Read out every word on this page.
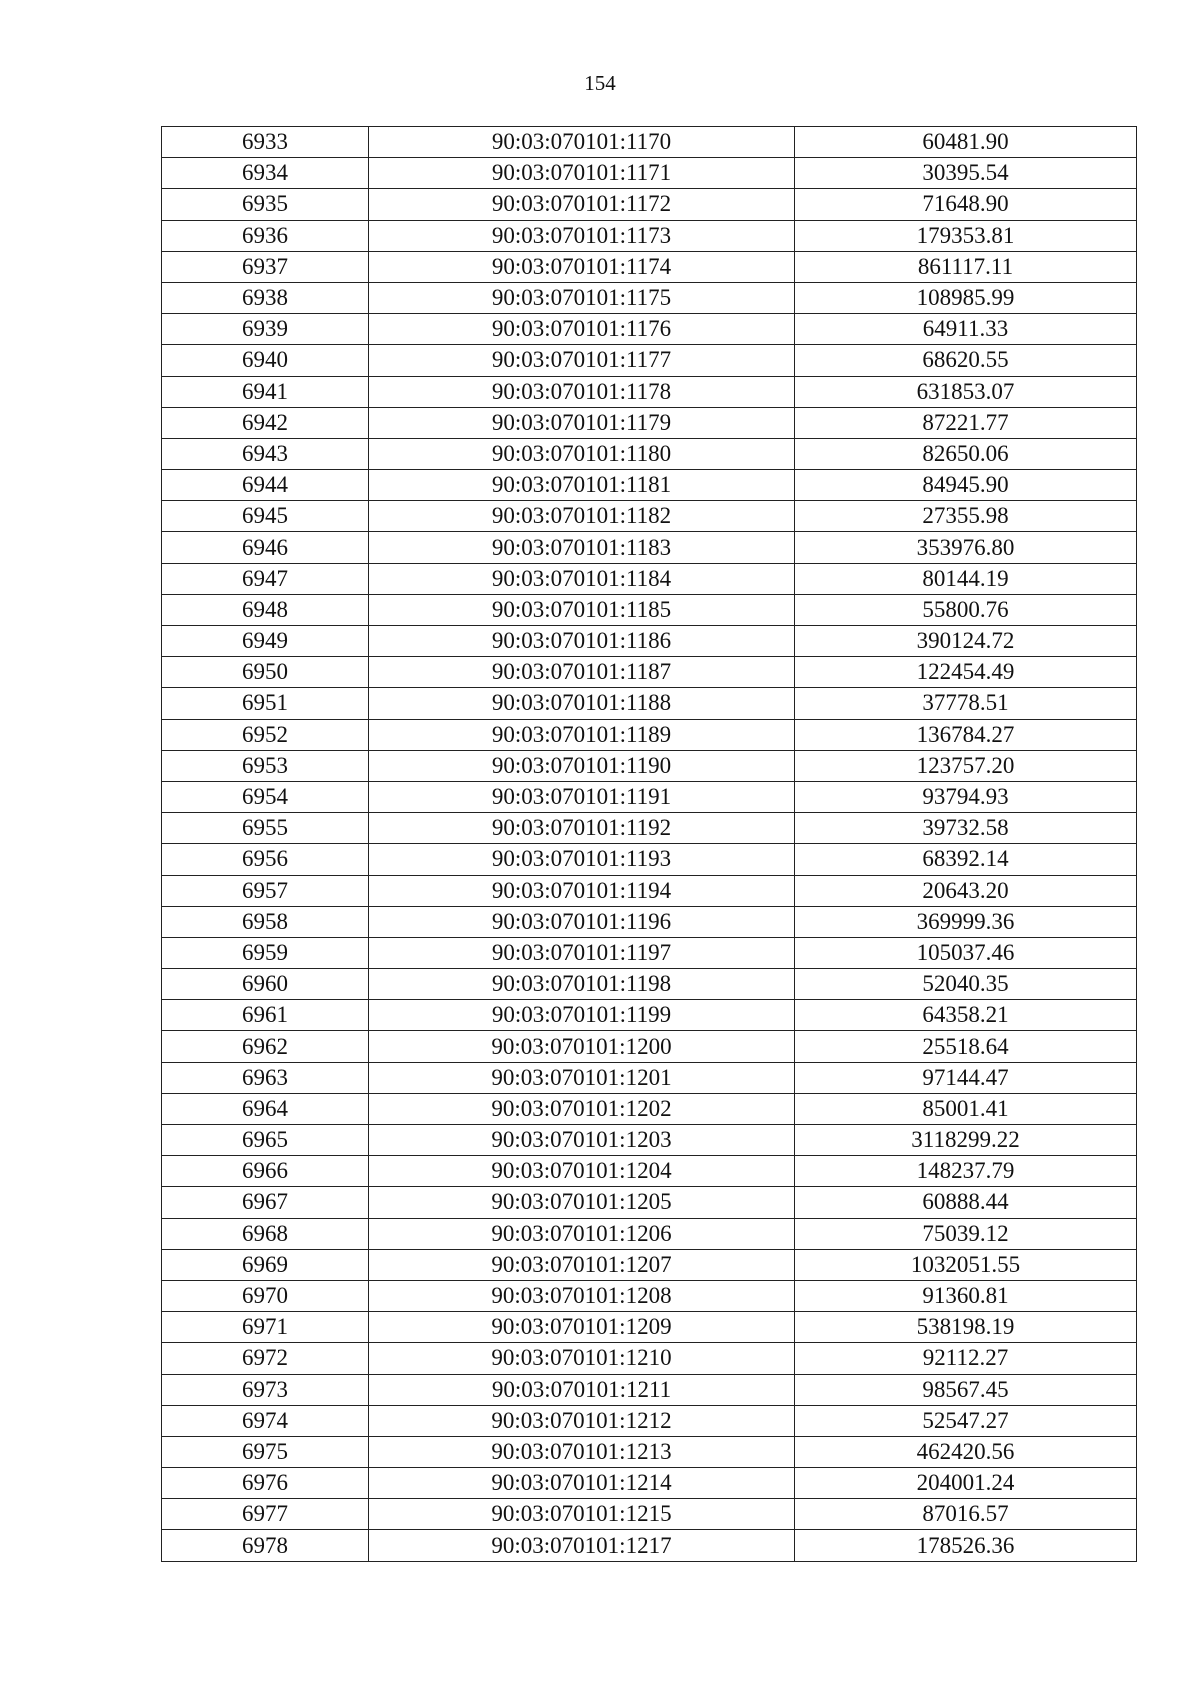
154
6933	90:03:070101:1170	60481.90
6934	90:03:070101:1171	30395.54
6935	90:03:070101:1172	71648.90
6936	90:03:070101:1173	179353.81
6937	90:03:070101:1174	861117.11
6938	90:03:070101:1175	108985.99
6939	90:03:070101:1176	64911.33
6940	90:03:070101:1177	68620.55
6941	90:03:070101:1178	631853.07
6942	90:03:070101:1179	87221.77
6943	90:03:070101:1180	82650.06
6944	90:03:070101:1181	84945.90
6945	90:03:070101:1182	27355.98
6946	90:03:070101:1183	353976.80
6947	90:03:070101:1184	80144.19
6948	90:03:070101:1185	55800.76
6949	90:03:070101:1186	390124.72
6950	90:03:070101:1187	122454.49
6951	90:03:070101:1188	37778.51
6952	90:03:070101:1189	136784.27
6953	90:03:070101:1190	123757.20
6954	90:03:070101:1191	93794.93
6955	90:03:070101:1192	39732.58
6956	90:03:070101:1193	68392.14
6957	90:03:070101:1194	20643.20
6958	90:03:070101:1196	369999.36
6959	90:03:070101:1197	105037.46
6960	90:03:070101:1198	52040.35
6961	90:03:070101:1199	64358.21
6962	90:03:070101:1200	25518.64
6963	90:03:070101:1201	97144.47
6964	90:03:070101:1202	85001.41
6965	90:03:070101:1203	3118299.22
6966	90:03:070101:1204	148237.79
6967	90:03:070101:1205	60888.44
6968	90:03:070101:1206	75039.12
6969	90:03:070101:1207	1032051.55
6970	90:03:070101:1208	91360.81
6971	90:03:070101:1209	538198.19
6972	90:03:070101:1210	92112.27
6973	90:03:070101:1211	98567.45
6974	90:03:070101:1212	52547.27
6975	90:03:070101:1213	462420.56
6976	90:03:070101:1214	204001.24
6977	90:03:070101:1215	87016.57
6978	90:03:070101:1217	178526.36
